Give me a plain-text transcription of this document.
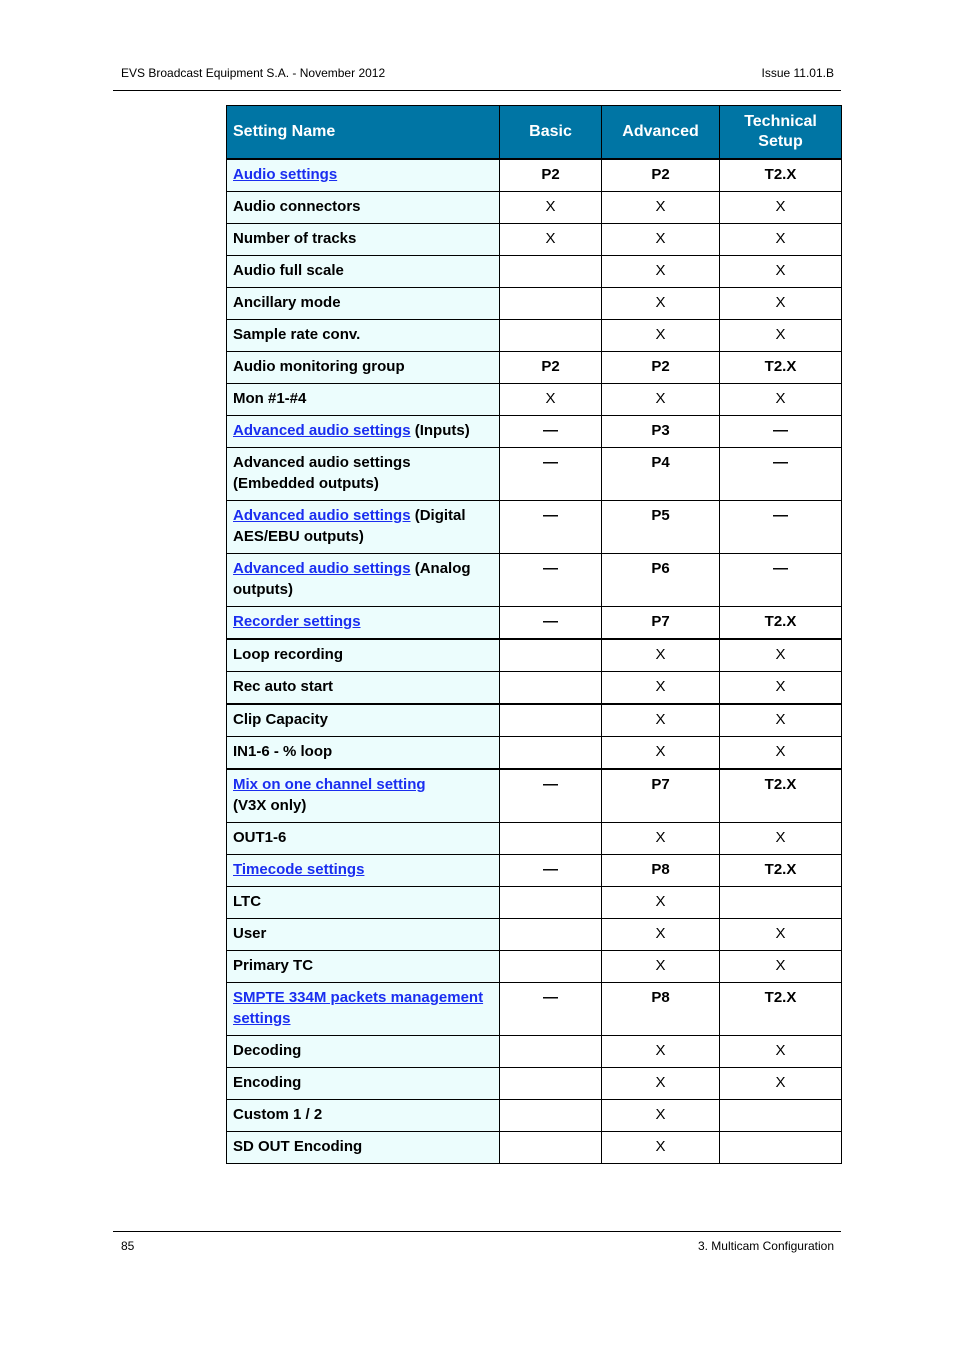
EVS Broadcast Equipment S.A. - November 2012	Issue 11.01.B
Setting Name	Basic	Advanced	Technical Setup
Audio settings	P2	P2	T2.X
Audio connectors	X	X	X
Number of tracks	X	X	X
Audio full scale		X	X
Ancillary mode		X	X
Sample rate conv.		X	X
Audio monitoring group	P2	P2	T2.X
Mon #1-#4	X	X	X
Advanced audio settings (Inputs)	—	P3	—
Advanced audio settings (Embedded outputs)	—	P4	—
Advanced audio settings (Digital AES/EBU outputs)	—	P5	—
Advanced audio settings (Analog outputs)	—	P6	—
Recorder settings	—	P7	T2.X
Loop recording		X	X
Rec auto start		X	X
Clip Capacity		X	X
IN1-6 - % loop		X	X
Mix on one channel setting
(V3X only)	—	P7	T2.X
OUT1-6		X	X
Timecode settings	—	P8	T2.X
LTC		X	
User		X	X
Primary TC		X	X
SMPTE 334M packets management settings	—	P8	T2.X
Decoding		X	X
Encoding		X	X
Custom 1 / 2		X	
SD OUT Encoding		X	
85	3. Multicam Configuration
